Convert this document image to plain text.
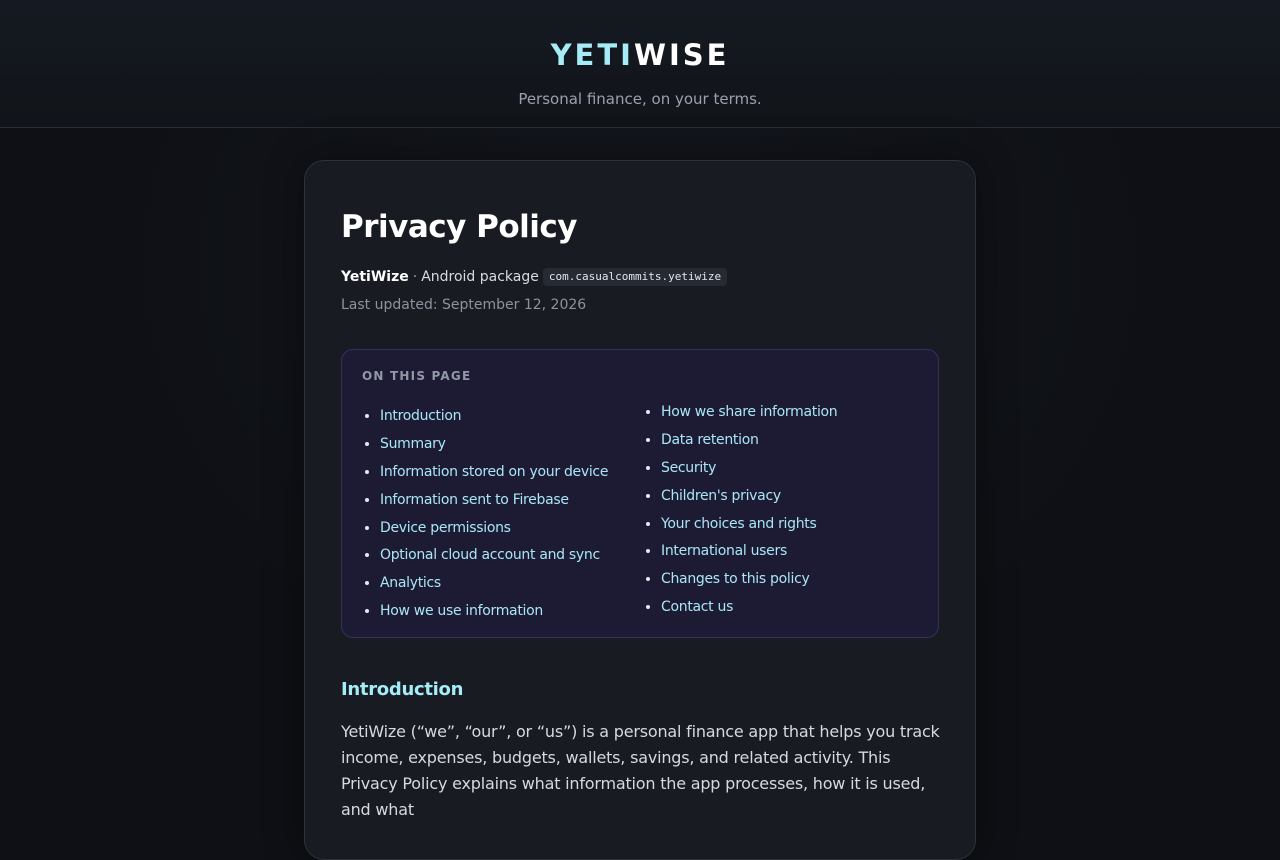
YETIWISE
Personal finance, on your terms.
Privacy Policy
YetiWize · Android package com.casualcommits.yetiwize
Last updated: September 12, 2026
ON THIS PAGE
• Introduction
• Summary
• Information stored on your device
• Information sent to Firebase
• Device permissions
• Optional cloud account and sync
• Analytics
• How we use information
• How we share information
• Data retention
• Security
• Children's privacy
• Your choices and rights
• International users
• Changes to this policy
• Contact us
Introduction

YetiWize (“we”, “our”, or “us”) is a personal finance app that helps you track income, expenses, budgets, wallets, savings, and related activity. This Privacy Policy explains what information the app processes, how it is used, and what
